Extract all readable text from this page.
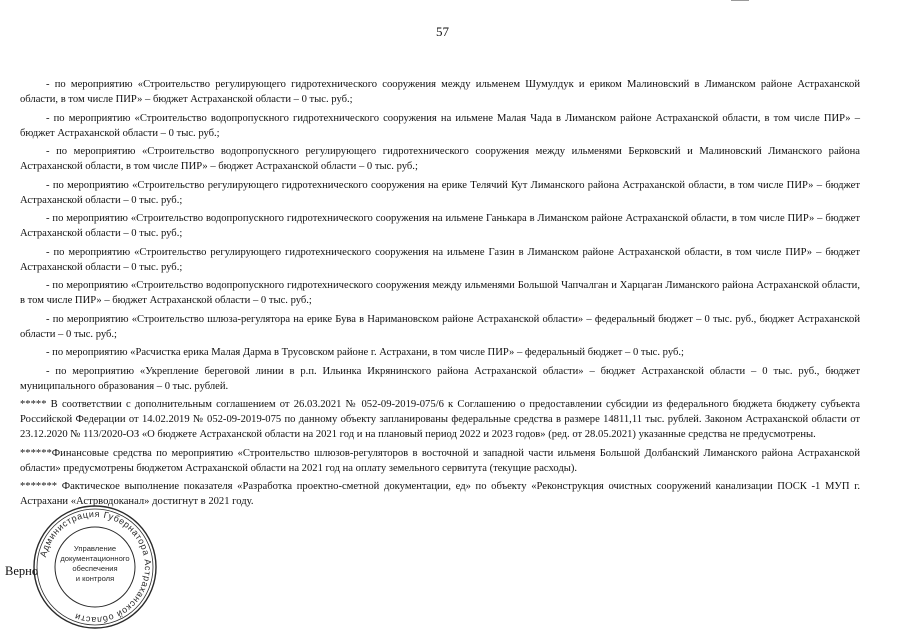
57

- по мероприятию «Строительство регулирующего гидротехнического сооружения между ильменем Шумулдук и ериком Малиновский в Лиманском районе Астраханской области, в том числе ПИР» – бюджет Астраханской области – 0 тыс. руб.;

- по мероприятию «Строительство водопропускного гидротехнического сооружения на ильмене Малая Чада в Лиманском районе Астраханской области, в том числе ПИР» – бюджет Астраханской области – 0 тыс. руб.;

- по мероприятию «Строительство водопропускного регулирующего гидротехнического сооружения между ильменями Берковский и Малиновский Лиманского района Астраханской области, в том числе ПИР» – бюджет Астраханской области – 0 тыс. руб.;

- по мероприятию «Строительство регулирующего гидротехнического сооружения на ерике Телячий Кут Лиманского района Астраханской области, в том числе ПИР» – бюджет Астраханской области – 0 тыс. руб.;

- по мероприятию «Строительство водопропускного гидротехнического сооружения на ильмене Ганькара в Лиманском районе Астраханской области, в том числе ПИР» – бюджет Астраханской области – 0 тыс. руб.;

- по мероприятию «Строительство регулирующего гидротехнического сооружения на ильмене Газин в Лиманском районе Астраханской области, в том числе ПИР» – бюджет Астраханской области – 0 тыс. руб.;

- по мероприятию «Строительство водопропускного гидротехнического сооружения между ильменями Большой Чапчалган и Харцаган Лиманского района Астраханской области, в том числе ПИР» – бюджет Астраханской области – 0 тыс. руб.;

- по мероприятию «Строительство шлюза-регулятора на ерике Бува в Наримановском районе Астраханской области» – федеральный бюджет – 0 тыс. руб., бюджет Астраханской области – 0 тыс. руб.;

- по мероприятию «Расчистка ерика Малая Дарма в Трусовском районе г. Астрахани, в том числе ПИР» – федеральный бюджет – 0 тыс. руб.;

- по мероприятию «Укрепление береговой линии в р.п. Ильинка Икрянинского района Астраханской области» – бюджет Астраханской области – 0 тыс. руб., бюджет муниципального образования – 0 тыс. рублей.

***** В соответствии с дополнительным соглашением от 26.03.2021 № 052-09-2019-075/6 к Соглашению о предоставлении субсидии из федерального бюджета бюджету субъекта Российской Федерации от 14.02.2019 № 052-09-2019-075 по данному объекту запланированы федеральные средства в размере 14811,11 тыс. рублей. Законом Астраханской области от 23.12.2020 № 113/2020-ОЗ «О бюджете Астраханской области на 2021 год и на плановый период 2022 и 2023 годов» (ред. от 28.05.2021) указанные средства не предусмотрены.

******Финансовые средства по мероприятию «Строительство шлюзов-регуляторов в восточной и западной части ильменя Большой Долбанский Лиманского района Астраханской области» предусмотрены бюджетом Астраханской области на 2021 год на оплату земельного сервитута (текущие расходы).

******* Фактическое выполнение показателя «Разработка проектно-сметной документации, ед» по объекту «Реконструкция очистных сооружений канализации ПОСК -1 МУП г. Астрахани «Астрводоканал» достигнут в 2021 году.

Администрация Губернатора Астраханской области
Управление
документационного
обеспечения
и контроля
Верно
